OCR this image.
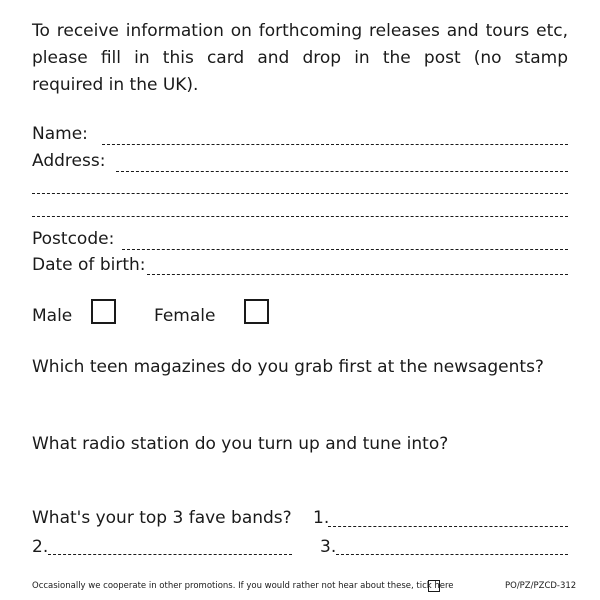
To receive information on forthcoming releases and tours etc,
please fill in this card and drop in the post (no stamp
required in the UK).
Name:
Address:
Postcode:
Date of birth:
Male	Female
Which teen magazines do you grab first at the newsagents?
What radio station do you turn up and tune into?
What's your top 3 fave bands? 1.
2.	3.
Occasionally we cooperate in other promotions. If you would rather not hear about these, tick here	PO/PZ/PZCD-312
